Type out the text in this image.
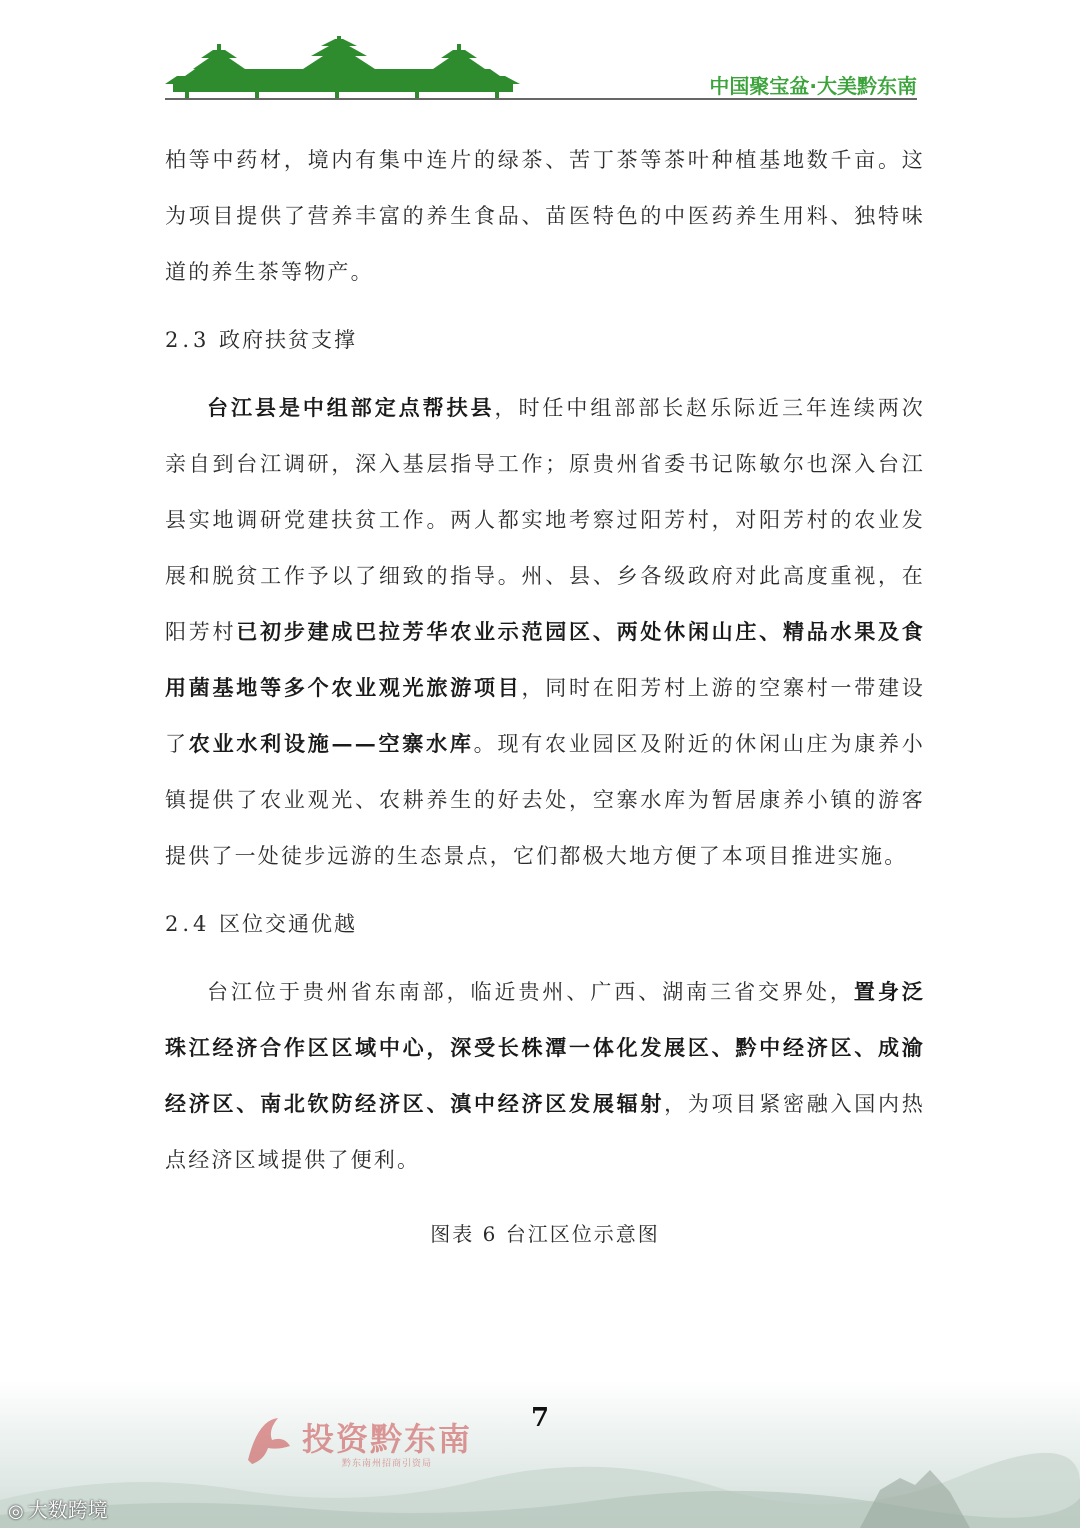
中国聚宝盆·大美黔东南

柏等中药材，境内有集中连片的绿茶、苦丁茶等茶叶种植基地数千亩。这为项目提供了营养丰富的养生食品、苗医特色的中医药养生用料、独特味道的养生茶等物产。

2.3 政府扶贫支撑

台江县是中组部定点帮扶县，时任中组部部长赵乐际近三年连续两次亲自到台江调研，深入基层指导工作；原贵州省委书记陈敏尔也深入台江县实地调研党建扶贫工作。两人都实地考察过阳芳村，对阳芳村的农业发展和脱贫工作予以了细致的指导。州、县、乡各级政府对此高度重视，在阳芳村已初步建成巴拉芳华农业示范园区、两处休闲山庄、精品水果及食用菌基地等多个农业观光旅游项目，同时在阳芳村上游的空寨村一带建设了农业水利设施——空寨水库。现有农业园区及附近的休闲山庄为康养小镇提供了农业观光、农耕养生的好去处，空寨水库为暂居康养小镇的游客提供了一处徒步远游的生态景点，它们都极大地方便了本项目推进实施。

2.4 区位交通优越

台江位于贵州省东南部，临近贵州、广西、湖南三省交界处，置身泛珠江经济合作区区域中心，深受长株潭一体化发展区、黔中经济区、成渝经济区、南北钦防经济区、滇中经济区发展辐射，为项目紧密融入国内热点经济区域提供了便利。

图表 6 台江区位示意图
投资黔东南
黔东南州招商引资局
7
◎ 大数跨境
